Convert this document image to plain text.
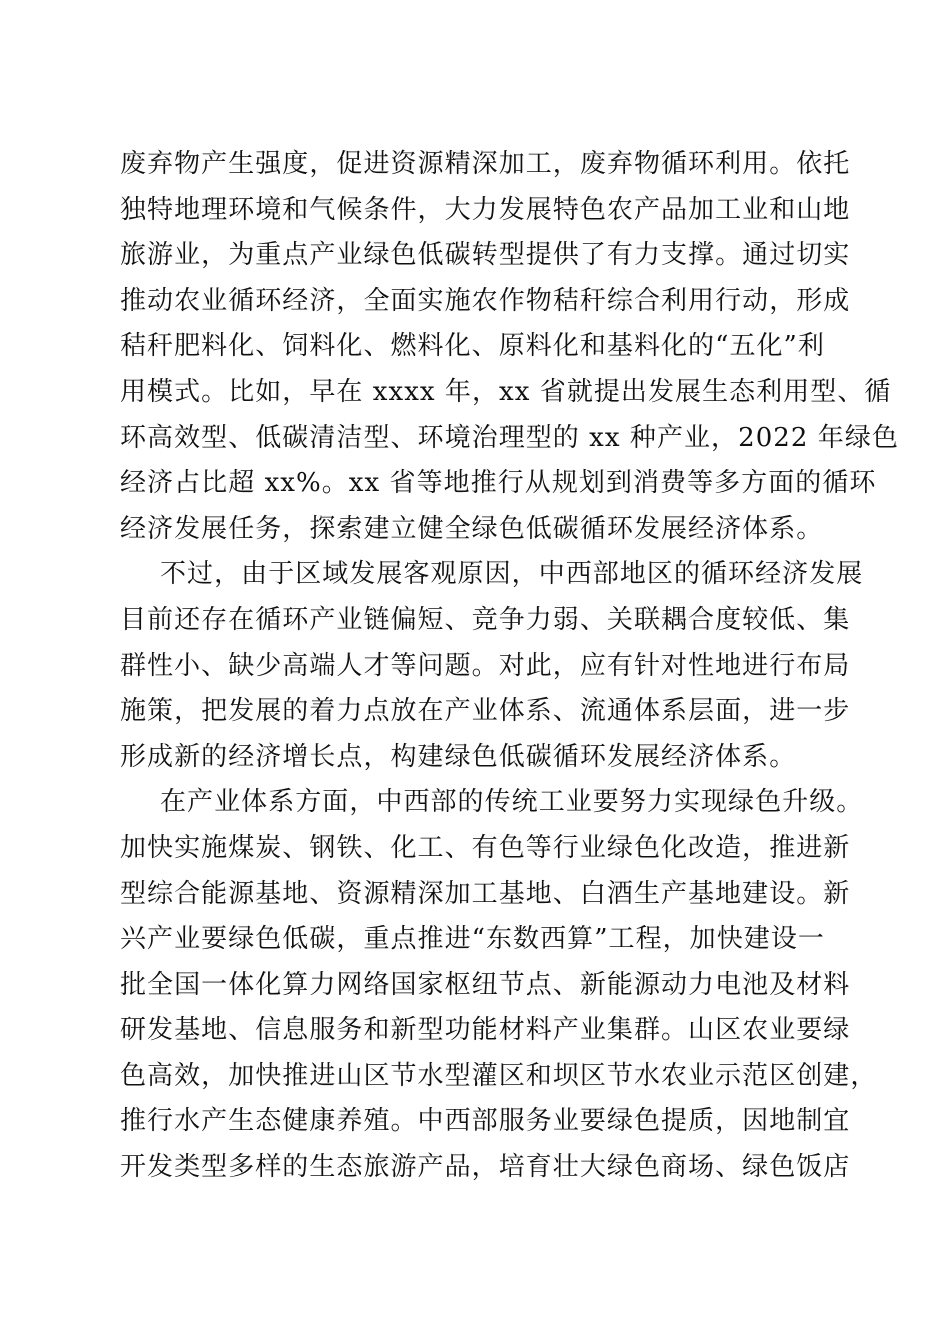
废弃物产生强度，促进资源精深加工，废弃物循环利用。依托
独特地理环境和气候条件，大力发展特色农产品加工业和山地
旅游业，为重点产业绿色低碳转型提供了有力支撑。通过切实
推动农业循环经济，全面实施农作物秸秆综合利用行动，形成
秸秆肥料化、饲料化、燃料化、原料化和基料化的“五化”利
用模式。比如，早在 xxxx 年，xx 省就提出发展生态利用型、循
环高效型、低碳清洁型、环境治理型的 xx 种产业，2022 年绿色
经济占比超 xx%。xx 省等地推行从规划到消费等多方面的循环
经济发展任务，探索建立健全绿色低碳循环发展经济体系。
不过，由于区域发展客观原因，中西部地区的循环经济发展
目前还存在循环产业链偏短、竞争力弱、关联耦合度较低、集
群性小、缺少高端人才等问题。对此，应有针对性地进行布局
施策，把发展的着力点放在产业体系、流通体系层面，进一步
形成新的经济增长点，构建绿色低碳循环发展经济体系。
在产业体系方面，中西部的传统工业要努力实现绿色升级。
加快实施煤炭、钢铁、化工、有色等行业绿色化改造，推进新
型综合能源基地、资源精深加工基地、白酒生产基地建设。新
兴产业要绿色低碳，重点推进“东数西算”工程，加快建设一
批全国一体化算力网络国家枢纽节点、新能源动力电池及材料
研发基地、信息服务和新型功能材料产业集群。山区农业要绿
色高效，加快推进山区节水型灌区和坝区节水农业示范区创建，
推行水产生态健康养殖。中西部服务业要绿色提质，因地制宜
开发类型多样的生态旅游产品，培育壮大绿色商场、绿色饭店
